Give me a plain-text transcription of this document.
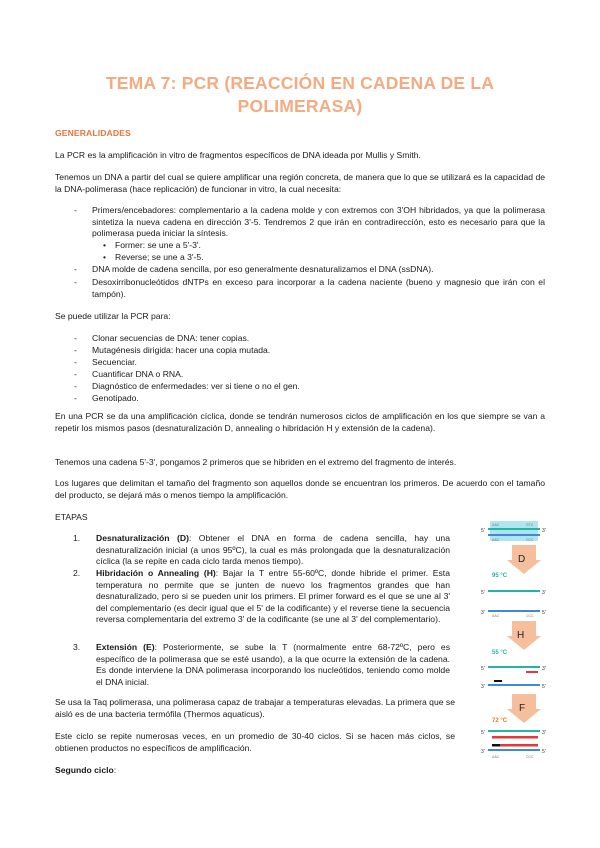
TEMA 7: PCR (REACCIÓN EN CADENA DE LA POLIMERASA)

GENERALIDADES

La PCR es la amplificación in vitro de fragmentos específicos de DNA ideada por Mullis y Smith.

Tenemos un DNA a partir del cual se quiere amplificar una región concreta, de manera que lo que se utilizará es la capacidad de la DNA-polimerasa (hace replicación) de funcionar in vitro, la cual necesita:

- Primers/encebadores: complementario a la cadena molde y con extremos con 3'OH hibridados, ya que la polimerasa sintetiza la nueva cadena en dirección 3'-5. Tendremos 2 que irán en contradirección, esto es necesario para que la polimerasa pueda iniciar la síntesis.
• Former: se une a 5'-3'.
• Reverse; se une a 3'-5.
- DNA molde de cadena sencilla, por eso generalmente desnaturalizamos el DNA (ssDNA).
- Desoxirribonucleótidos dNTPs en exceso para incorporar a la cadena naciente (bueno y magnesio que irán con el tampón).

Se puede utilizar la PCR para:

- Clonar secuencias de DNA: tener copias.
- Mutagénesis dirigida: hacer una copia mutada.
- Secuenciar.
- Cuantificar DNA o RNA.
- Diagnóstico de enfermedades: ver si tiene o no el gen.
- Genotipado.

En una PCR se da una amplificación cíclica, donde se tendrán numerosos ciclos de amplificación en los que siempre se van a repetir los mismos pasos (desnaturalización D, annealing o hibridación H y extensión de la cadena).

Tenemos una cadena 5'-3', pongamos 2 primeros que se hibriden en el extremo del fragmento de interés.

Los lugares que delimitan el tamaño del fragmento son aquellos donde se encuentran los primeros. De acuerdo con el tamaño del producto, se dejará más o menos tiempo la amplificación.

ETAPAS

1. Desnaturalización (D): Obtener el DNA en forma de cadena sencilla, hay una desnaturalización inicial (a unos 95ºC), la cual es más prolongada que la desnaturalización cíclica (la se repite en cada ciclo tarda menos tiempo).
2. Hibridación o Annealing (H): Bajar la T entre 55-60ºC, donde hibride el primer. Esta temperatura no permite que se junten de nuevo los fragmentos grandes que han desnaturalizado, pero si se pueden unir los primers. El primer forward es el que se une al 3' del complementario (es decir igual que el 5' de la codificante) y el reverse tiene la secuencia reversa complementaria del extremo 3' de la codificante (se une al 3' del complementario).
3. Extensión (E): Posteriormente, se sube la T (normalmente entre 68-72ºC, pero es específico de la polimerasa que se esté usando), a la que ocurre la extensión de la cadena. Es donde interviene la DNA polimerasa incorporando los nucleótidos, teniendo como molde el DNA inicial.

Se usa la Taq polimerasa, una polimerasa capaz de trabajar a temperaturas elevadas. La primera que se aisló es de una bacteria termófila (Thermos aquaticus).

Este ciclo se repite numerosas veces, en un promedio de 30-40 ciclos. Si se hacen más ciclos, se obtienen productos no específicos de amplificación.

Segundo ciclo:

5'	3'
AAC	GTC
AAC	CCC
D
95 °C
5'	3'
3'	5'
AAC	CCC
H
55 °C
5'	3'
3'	5'
F
72 °C
5'	3'
3'	5'
AAC	CCC
